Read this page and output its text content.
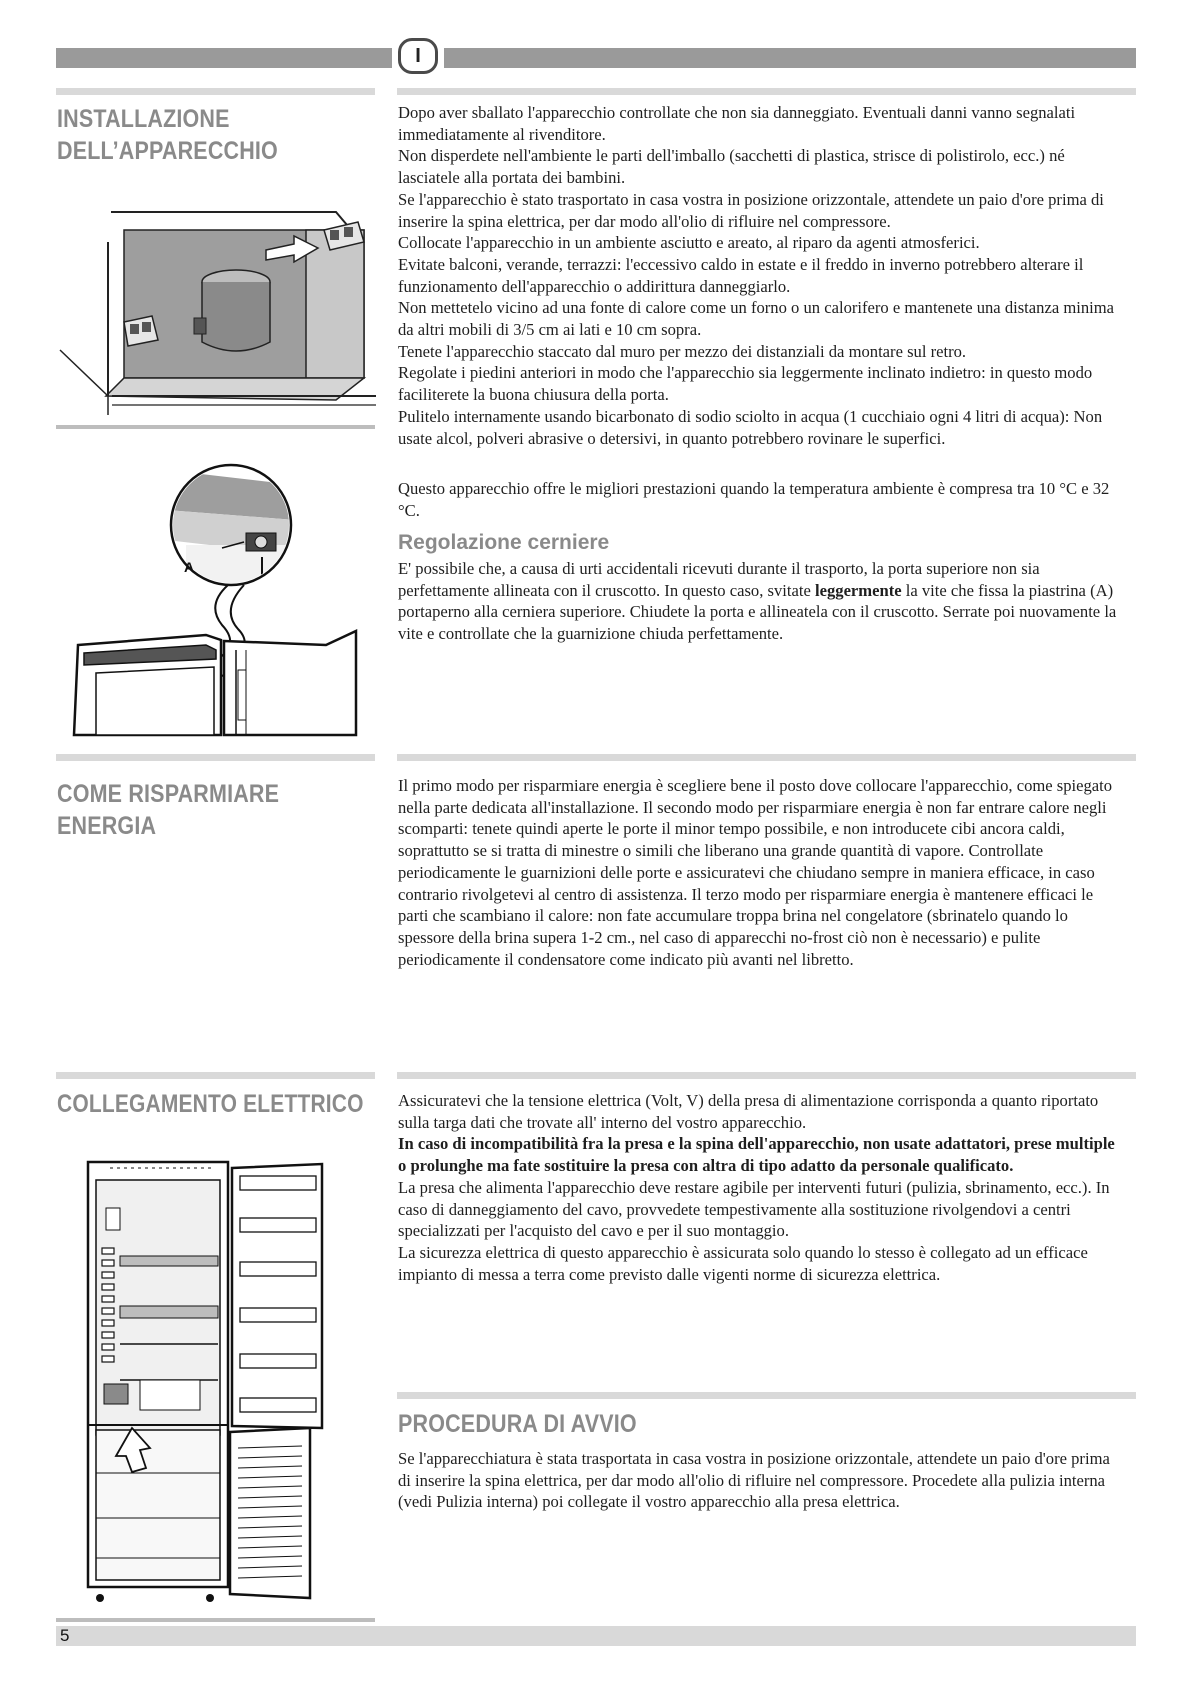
I
INSTALLAZIONE
DELL’APPARECCHIO

Dopo aver sballato l'apparecchio controllate che non sia danneggiato. Eventuali danni vanno segnalati immediatamente al rivenditore.

Non disperdete nell'ambiente le parti dell'imballo (sacchetti di plastica, strisce di polistirolo, ecc.) né lasciatele alla portata dei bambini.

Se l'apparecchio è stato trasportato in casa vostra in posizione orizzontale, attendete un paio d'ore prima di inserire la spina elettrica, per dar modo all'olio di rifluire nel compressore.

Collocate l'apparecchio in un ambiente asciutto e areato, al riparo da agenti atmosferici.

Evitate balconi, verande, terrazzi: l'eccessivo caldo in estate e il freddo in inverno potrebbero alterare il funzionamento dell'apparecchio o addirittura danneggiarlo.

Non mettetelo vicino ad una fonte di calore come un forno o un calorifero e mantenete una distanza minima da altri mobili di 3/5 cm ai lati e 10 cm sopra.

Tenete l'apparecchio staccato dal muro per mezzo dei distanziali da montare sul retro.

Regolate i piedini anteriori in modo che l'apparecchio sia leggermente inclinato indietro: in questo modo faciliterete la buona chiusura della porta.

Pulitelo internamente usando bicarbonato di sodio sciolto in acqua (1 cucchiaio ogni 4 litri di acqua): Non usate alcol, polveri abrasive o detersivi, in quanto potrebbero rovinare le superfici.

Questo apparecchio offre le migliori prestazioni quando la temperatura ambiente è compresa tra 10 °C e 32 °C.
Regolazione cerniere
E' possibile che, a causa di urti accidentali ricevuti durante il trasporto, la porta superiore non sia perfettamente allineata con il cruscotto. In questo caso, svitate leggermente la vite che fissa la piastrina (A) portaperno alla cerniera superiore. Chiudete la porta e allineatela con il cruscotto. Serrate poi nuovamente la vite e controllate che la guarnizione chiuda perfettamente.
A
COME RISPARMIARE
ENERGIA
Il primo modo per risparmiare energia è scegliere bene il posto dove collocare l'apparecchio, come spiegato nella parte dedicata all'installazione. Il secondo modo per risparmiare energia è non far entrare calore negli scomparti: tenete quindi aperte le porte il minor tempo possibile, e non introducete cibi ancora caldi, soprattutto se si tratta di minestre o simili che liberano una grande quantità di vapore. Controllate periodicamente le guarnizioni delle porte e assicuratevi che chiudano sempre in maniera efficace, in caso contrario rivolgetevi al centro di assistenza. Il terzo modo per risparmiare energia è mantenere efficaci le parti che scambiano il calore: non fate accumulare troppa brina nel congelatore (sbrinatelo quando lo spessore della brina supera 1-2 cm., nel caso di apparecchi no-frost ciò non è necessario) e pulite periodicamente il condensatore come indicato più avanti nel libretto.
COLLEGAMENTO ELETTRICO Assicuratevi che la tensione elettrica (Volt, V) della presa di alimentazione corrisponda a quanto riportato sulla targa dati che trovate all' interno del vostro apparecchio.

In caso di incompatibilità fra la presa e la spina dell'apparecchio, non usate adattatori, prese multiple o prolunghe ma fate sostituire la presa con altra di tipo adatto da personale qualificato.

La presa che alimenta l'apparecchio deve restare agibile per interventi futuri (pulizia, sbrinamento, ecc.). In caso di danneggiamento del cavo, provvedete tempestivamente alla sostituzione rivolgendovi a centri specializzati per l'acquisto del cavo e per il suo montaggio.

La sicurezza elettrica di questo apparecchio è assicurata solo quando lo stesso è collegato ad un efficace impianto di messa a terra come previsto dalle vigenti norme di sicurezza elettrica.

PROCEDURA DI AVVIO
Se l'apparecchiatura è stata trasportata in casa vostra in posizione orizzontale, attendete un paio d'ore prima di inserire la spina elettrica, per dar modo all'olio di rifluire nel compressore. Procedete alla pulizia interna (vedi Pulizia interna) poi collegate il vostro apparecchio alla presa elettrica.
5
